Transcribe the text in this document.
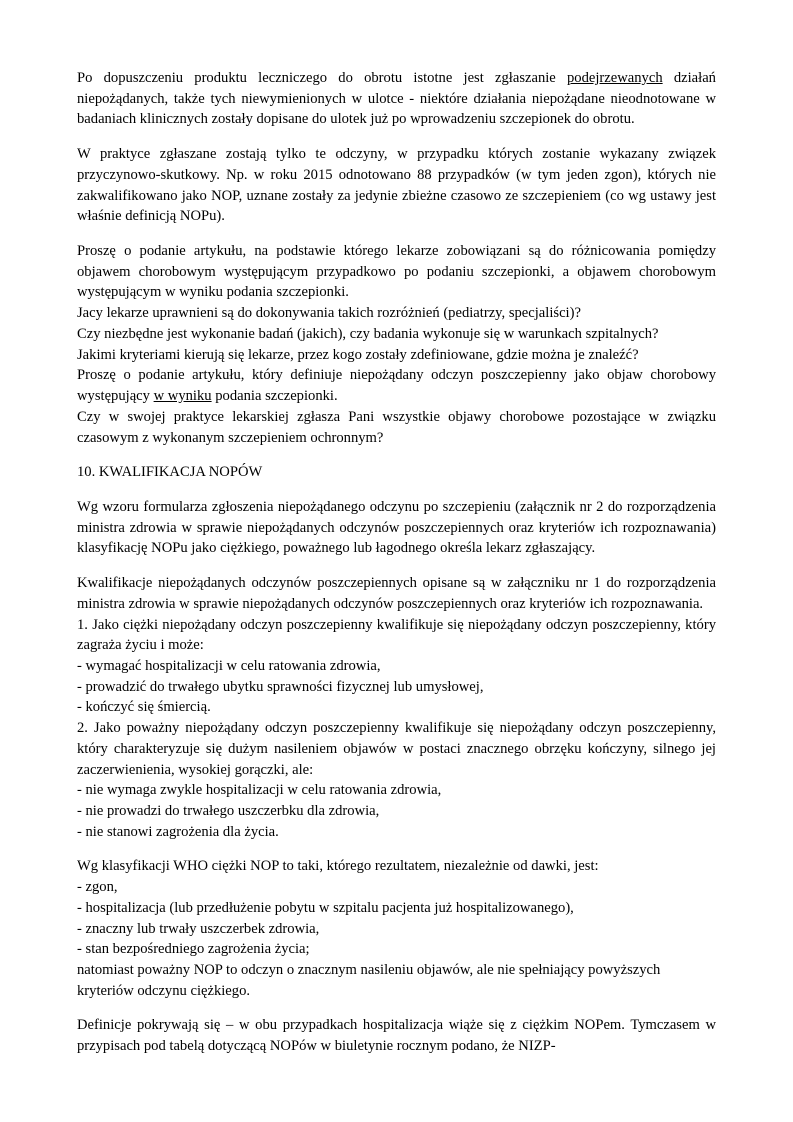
Po dopuszczeniu produktu leczniczego do obrotu istotne jest zgłaszanie podejrzewanych działań niepożądanych, także tych niewymienionych w ulotce - niektóre działania niepożądane nieodnotowane w badaniach klinicznych zostały dopisane do ulotek już po wprowadzeniu szczepionek do obrotu.

W praktyce zgłaszane zostają tylko te odczyny, w przypadku których zostanie wykazany związek przyczynowo-skutkowy. Np. w roku 2015 odnotowano 88 przypadków (w tym jeden zgon), których nie zakwalifikowano jako NOP, uznane zostały za jedynie zbieżne czasowo ze szczepieniem (co wg ustawy jest właśnie definicją NOPu).

Proszę o podanie artykułu, na podstawie którego lekarze zobowiązani są do różnicowania pomiędzy objawem chorobowym występującym przypadkowo po podaniu szczepionki, a objawem chorobowym występującym w wyniku podania szczepionki.

Jacy lekarze uprawnieni są do dokonywania takich rozróżnień (pediatrzy, specjaliści)?

Czy niezbędne jest wykonanie badań (jakich), czy badania wykonuje się w warunkach szpitalnych?

Jakimi kryteriami kierują się lekarze, przez kogo zostały zdefiniowane, gdzie można je znaleźć?

Proszę o podanie artykułu, który definiuje niepożądany odczyn poszczepienny jako objaw chorobowy występujący w wyniku podania szczepionki.

Czy w swojej praktyce lekarskiej zgłasza Pani wszystkie objawy chorobowe pozostające w związku czasowym z wykonanym szczepieniem ochronnym?

10. KWALIFIKACJA NOPÓW

Wg wzoru formularza zgłoszenia niepożądanego odczynu po szczepieniu (załącznik nr 2 do rozporządzenia ministra zdrowia w sprawie niepożądanych odczynów poszczepiennych oraz kryteriów ich rozpoznawania) klasyfikację NOPu jako ciężkiego, poważnego lub łagodnego określa lekarz zgłaszający.

Kwalifikacje niepożądanych odczynów poszczepiennych opisane są w załączniku nr 1 do rozporządzenia ministra zdrowia w sprawie niepożądanych odczynów poszczepiennych oraz kryteriów ich rozpoznawania.

1. Jako ciężki niepożądany odczyn poszczepienny kwalifikuje się niepożądany odczyn poszczepienny, który zagraża życiu i może:

- wymagać hospitalizacji w celu ratowania zdrowia,

- prowadzić do trwałego ubytku sprawności fizycznej lub umysłowej,

- kończyć się śmiercią.

2. Jako poważny niepożądany odczyn poszczepienny kwalifikuje się niepożądany odczyn poszczepienny, który charakteryzuje się dużym nasileniem objawów w postaci znacznego obrzęku kończyny, silnego jej zaczerwienienia, wysokiej gorączki, ale:

- nie wymaga zwykle hospitalizacji w celu ratowania zdrowia,

- nie prowadzi do trwałego uszczerbku dla zdrowia,

- nie stanowi zagrożenia dla życia.

Wg klasyfikacji WHO ciężki NOP to taki, którego rezultatem, niezależnie od dawki, jest:

- zgon,

- hospitalizacja (lub przedłużenie pobytu w szpitalu pacjenta już hospitalizowanego),

- znaczny lub trwały uszczerbek zdrowia,

- stan bezpośredniego zagrożenia życia;

natomiast poważny NOP to odczyn o znacznym nasileniu objawów, ale nie spełniający powyższych kryteriów odczynu ciężkiego.

Definicje pokrywają się – w obu przypadkach hospitalizacja wiąże się z ciężkim NOPem. Tymczasem w przypisach pod tabelą dotyczącą NOPów w biuletynie rocznym podano, że NIZP-
